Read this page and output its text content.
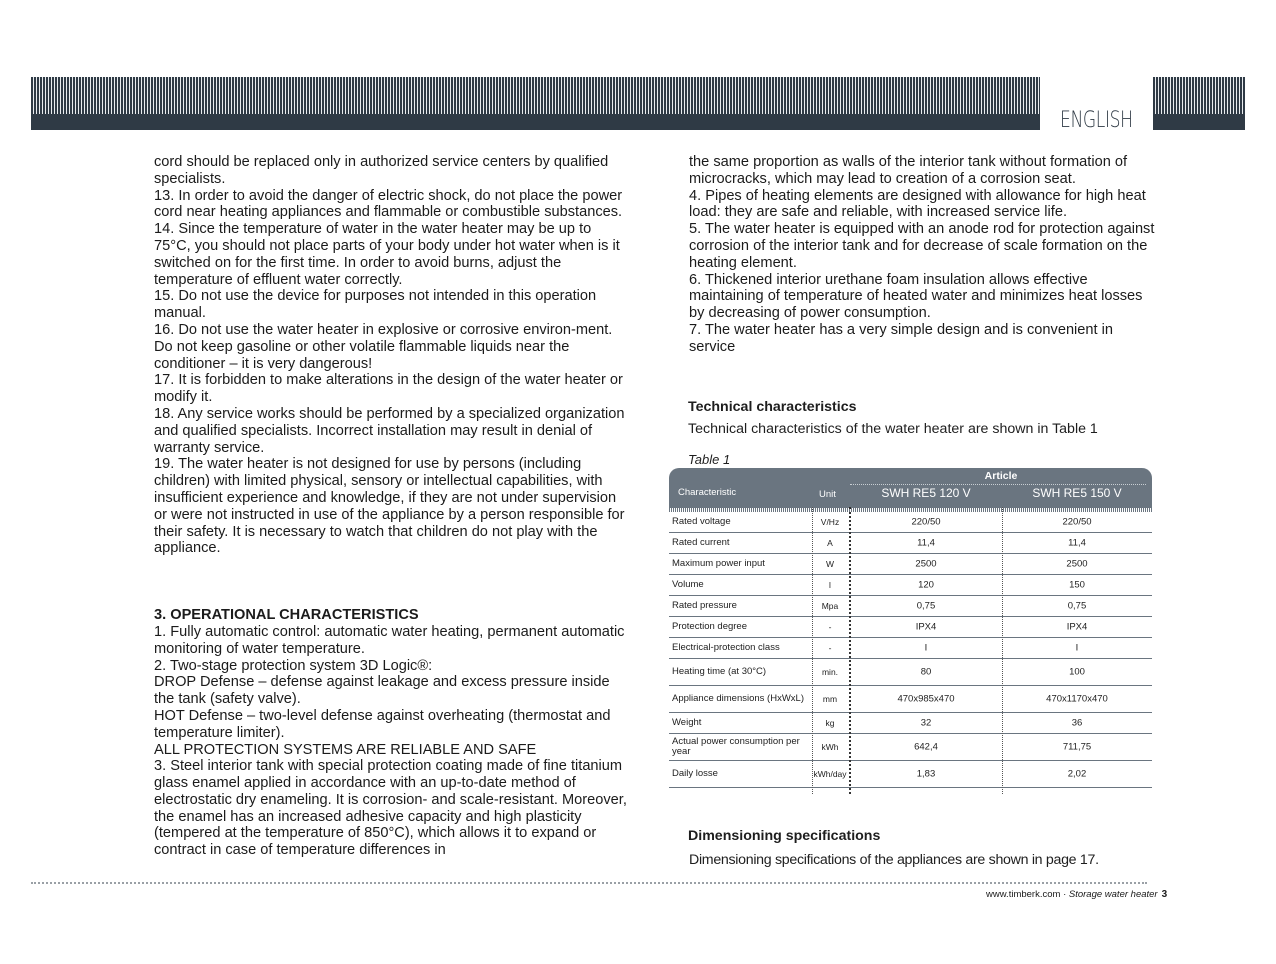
ENGLISH

cord should be replaced only in authorized service centers by qualified specialists.

13. In order to avoid the danger of electric shock, do not place the power cord near heating appliances and flammable or combustible substances.

14. Since the temperature of water in the water heater may be up to 75°C, you should not place parts of your body under hot water when is it switched on for the first time. In order to avoid burns, adjust the temperature of effluent water correctly.

15. Do not use the device for purposes not intended in this operation manual.

16. Do not use the water heater in explosive or corrosive environ-ment. Do not keep gasoline or other volatile flammable liquids near the conditioner – it is very dangerous!

17. It is forbidden to make alterations in the design of the water heater or modify it.

18. Any service works should be performed by a specialized organization and qualified specialists. Incorrect installation may result in denial of warranty service.

19. The water heater is not designed for use by persons (including children) with limited physical, sensory or intellectual capabilities, with insufficient experience and knowledge, if they are not under supervision or were not instructed in use of the appliance by a person responsible for their safety. It is necessary to watch that children do not play with the appliance.

3. OPERATIONAL CHARACTERISTICS

1. Fully automatic control: automatic water heating, permanent automatic monitoring of water temperature.

2. Two-stage protection system 3D Logic®:

DROP Defense – defense against leakage and excess pressure inside the tank (safety valve).

HOT Defense – two-level defense against overheating (thermostat and temperature limiter).

ALL PROTECTION SYSTEMS ARE RELIABLE AND SAFE

3. Steel interior tank with special protection coating made of fine titanium glass enamel applied in accordance with an up-to-date method of electrostatic dry enameling. It is corrosion- and scale-resistant. Moreover, the enamel has an increased adhesive capacity and high plasticity (tempered at the temperature of 850°C), which allows it to expand or contract in case of temperature differences in

the same proportion as walls of the interior tank without formation of microcracks, which may lead to creation of a corrosion seat.

4. Pipes of heating elements are designed with allowance for high heat load: they are safe and reliable, with increased service life.

5. The water heater is equipped with an anode rod for protection against corrosion of the interior tank and for decrease of scale formation on the heating element.

6. Thickened interior urethane foam insulation allows effective maintaining of temperature of heated water and minimizes heat losses by decreasing of power consumption.

7. The water heater has a very simple design and is convenient in service

Technical characteristics
Technical characteristics of the water heater are shown in Table 1
Table 1
Article
Characteristic	Unit	SWH RE5 120 V	SWH RE5 150 V
Rated voltage	V/Hz	220/50	220/50
Rated current	A	11,4	11,4
Maximum power input	W	2500	2500
Volume	l	120	150
Rated pressure	Mpa	0,75	0,75
Protection degree	-	IPX4	IPX4
Electrical-protection class	-	I	I
Heating time (at 30°C)	min.	80	100
Appliance dimensions (HxWxL)	mm	470x985x470	470x1170x470
Weight	kg	32	36
Actual power consumption per year	kWh	642,4	711,75
Daily losse	kWh/day	1,83	2,02
Dimensioning specifications
Dimensioning specifications of the appliances are shown in page 17.
www.timberk.com · Storage water heater 3
